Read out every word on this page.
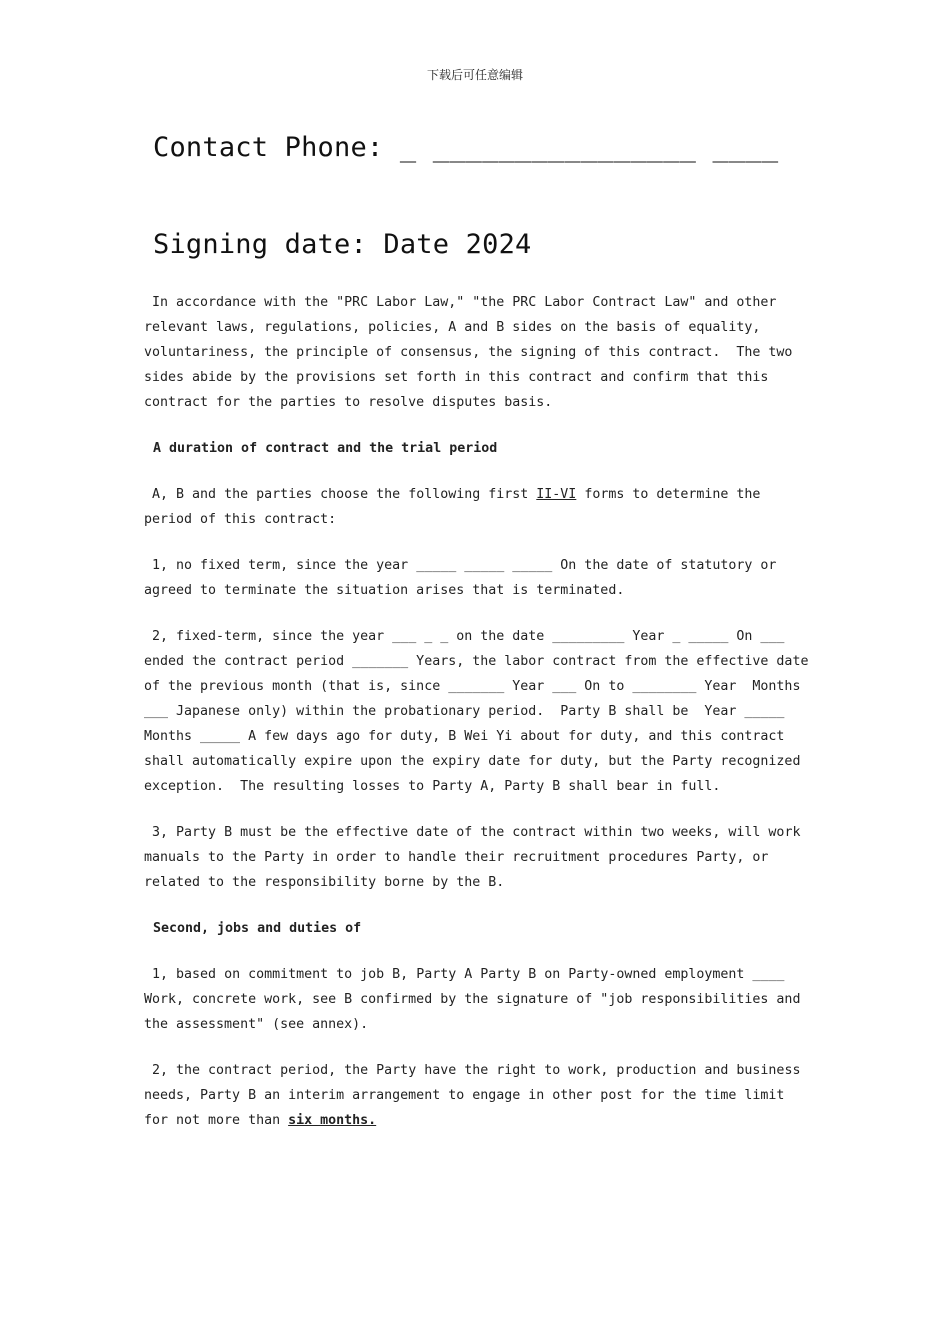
下载后可任意编辑
Contact Phone: _ ________________ ____
Signing date: Date 2024

In accordance with the "PRC Labor Law," "the PRC Labor Contract Law" and other relevant laws, regulations, policies, A and B sides on the basis of equality, voluntariness, the principle of consensus, the signing of this contract.  The two sides abide by the provisions set forth in this contract and confirm that this contract for the parties to resolve disputes basis.

A duration of contract and the trial period

A, B and the parties choose the following first II-VI forms to determine the period of this contract:

1, no fixed term, since the year _____ _____ _____ On the date of statutory or agreed to terminate the situation arises that is terminated.

2, fixed-term, since the year ___ _ _ on the date _________ Year _ _____ On ___ ended the contract period _______ Years, the labor contract from the effective date of the previous month (that is, since _______ Year ___ On to ________ Year  Months ___ Japanese only) within the probationary period.  Party B shall be  Year _____ Months _____ A few days ago for duty, B Wei Yi about for duty, and this contract shall automatically expire upon the expiry date for duty, but the Party recognized exception.  The resulting losses to Party A, Party B shall bear in full.

3, Party B must be the effective date of the contract within two weeks, will work manuals to the Party in order to handle their recruitment procedures Party, or related to the responsibility borne by the B.

Second, jobs and duties of

1, based on commitment to job B, Party A Party B on Party-owned employment ____  Work, concrete work, see B confirmed by the signature of "job responsibilities and the assessment" (see annex).

2, the contract period, the Party have the right to work, production and business needs, Party B an interim arrangement to engage in other post for the time limit for not more than six months.
